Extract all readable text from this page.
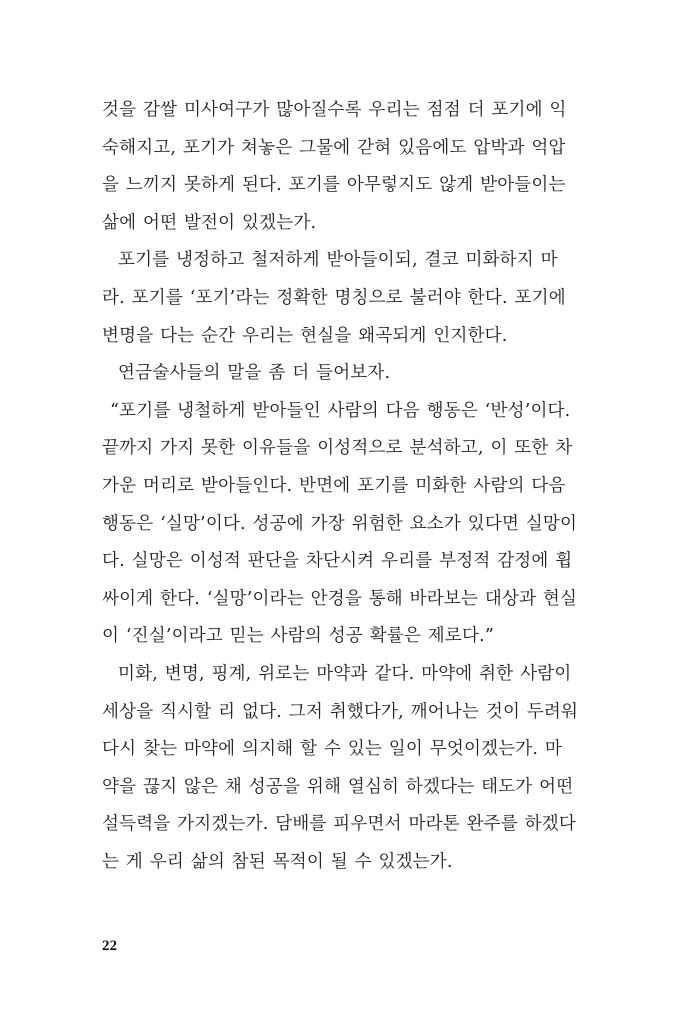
것을 감쌀 미사여구가 많아질수록 우리는 점점 더 포기에 익
숙해지고, 포기가 쳐놓은 그물에 갇혀 있음에도 압박과 억압
을 느끼지 못하게 된다. 포기를 아무렇지도 않게 받아들이는
삶에 어떤 발전이 있겠는가.
포기를 냉정하고 철저하게 받아들이되, 결코 미화하지 마
라. 포기를 ‘포기’라는 정확한 명칭으로 불러야 한다. 포기에
변명을 다는 순간 우리는 현실을 왜곡되게 인지한다.
연금술사들의 말을 좀 더 들어보자.
“포기를 냉철하게 받아들인 사람의 다음 행동은 ‘반성’이다.
끝까지 가지 못한 이유들을 이성적으로 분석하고, 이 또한 차
가운 머리로 받아들인다. 반면에 포기를 미화한 사람의 다음
행동은 ‘실망’이다. 성공에 가장 위험한 요소가 있다면 실망이
다. 실망은 이성적 판단을 차단시켜 우리를 부정적 감정에 휩
싸이게 한다. ‘실망’이라는 안경을 통해 바라보는 대상과 현실
이 ‘진실’이라고 믿는 사람의 성공 확률은 제로다.”
미화, 변명, 핑계, 위로는 마약과 같다. 마약에 취한 사람이
세상을 직시할 리 없다. 그저 취했다가, 깨어나는 것이 두려워
다시 찾는 마약에 의지해 할 수 있는 일이 무엇이겠는가. 마
약을 끊지 않은 채 성공을 위해 열심히 하겠다는 태도가 어떤
설득력을 가지겠는가. 담배를 피우면서 마라톤 완주를 하겠다
는 게 우리 삶의 참된 목적이 될 수 있겠는가.
22
